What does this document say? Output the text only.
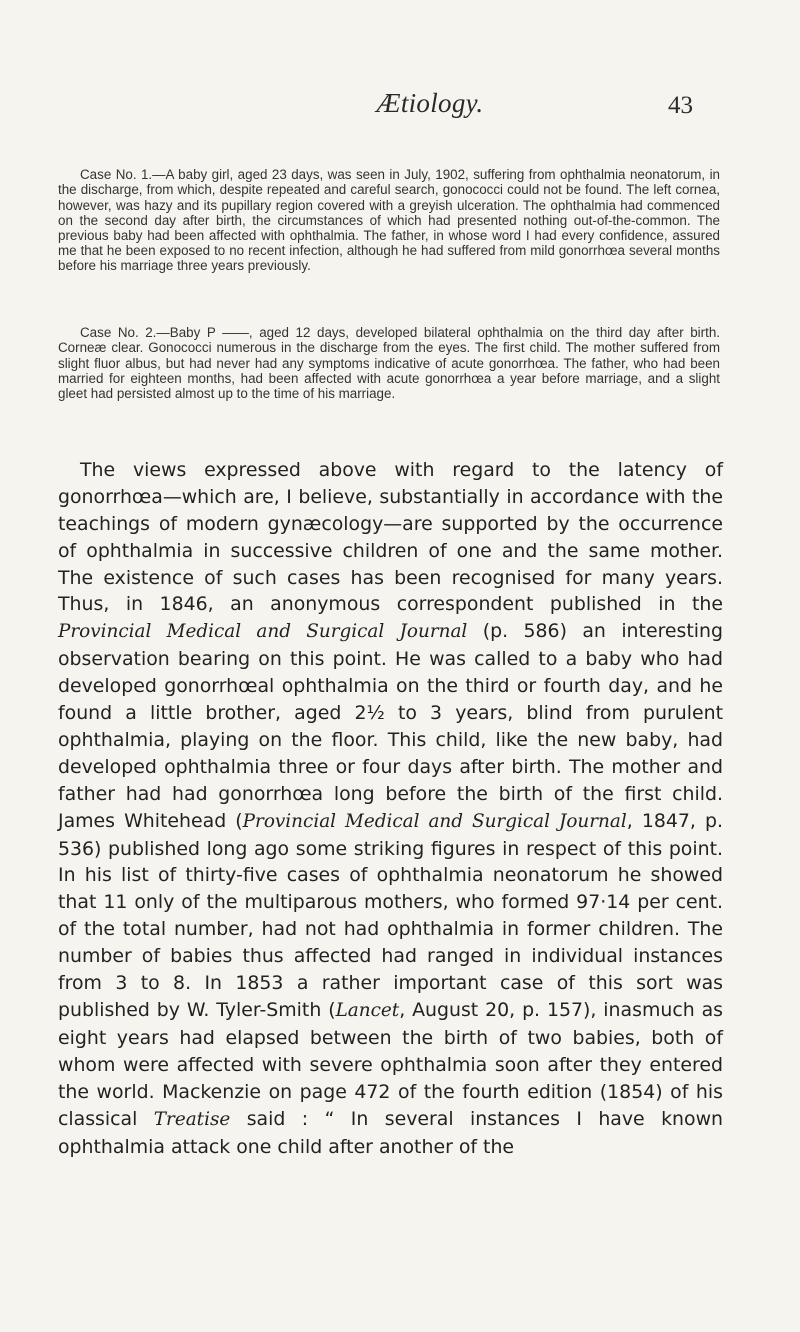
Ætiology.	43

Case No. 1.—A baby girl, aged 23 days, was seen in July, 1902, suffering from ophthalmia neonatorum, in the discharge, from which, despite repeated and careful search, gonococci could not be found. The left cornea, however, was hazy and its pupillary region covered with a greyish ulceration. The ophthalmia had commenced on the second day after birth, the circumstances of which had presented nothing out-of-the-common. The previous baby had been affected with ophthalmia. The father, in whose word I had every confidence, assured me that he been exposed to no recent infection, although he had suffered from mild gonorrhœa several months before his marriage three years previously.

Case No. 2.—Baby P ——, aged 12 days, developed bilateral ophthalmia on the third day after birth. Corneæ clear. Gonococci numerous in the discharge from the eyes. The first child. The mother suffered from slight fluor albus, but had never had any symptoms indicative of acute gonorrhœa. The father, who had been married for eighteen months, had been affected with acute gonorrhœa a year before marriage, and a slight gleet had persisted almost up to the time of his marriage.

The views expressed above with regard to the latency of gonorrhœa—which are, I believe, substantially in accordance with the teachings of modern gynæcology—are supported by the occurrence of ophthalmia in successive children of one and the same mother. The existence of such cases has been recognised for many years. Thus, in 1846, an anonymous correspondent published in the Provincial Medical and Surgical Journal (p. 586) an interesting observation bearing on this point. He was called to a baby who had developed gonorrhœal ophthalmia on the third or fourth day, and he found a little brother, aged 2½ to 3 years, blind from purulent ophthalmia, playing on the floor. This child, like the new baby, had developed ophthalmia three or four days after birth. The mother and father had had gonorrhœa long before the birth of the first child. James Whitehead (Provincial Medical and Surgical Journal, 1847, p. 536) published long ago some striking figures in respect of this point. In his list of thirty-five cases of ophthalmia neonatorum he showed that 11 only of the multiparous mothers, who formed 97·14 per cent. of the total number, had not had ophthalmia in former children. The number of babies thus affected had ranged in individual instances from 3 to 8. In 1853 a rather important case of this sort was published by W. Tyler-Smith (Lancet, August 20, p. 157), inasmuch as eight years had elapsed between the birth of two babies, both of whom were affected with severe ophthalmia soon after they entered the world. Mackenzie on page 472 of the fourth edition (1854) of his classical Treatise said : “ In several instances I have known ophthalmia attack one child after another of the
